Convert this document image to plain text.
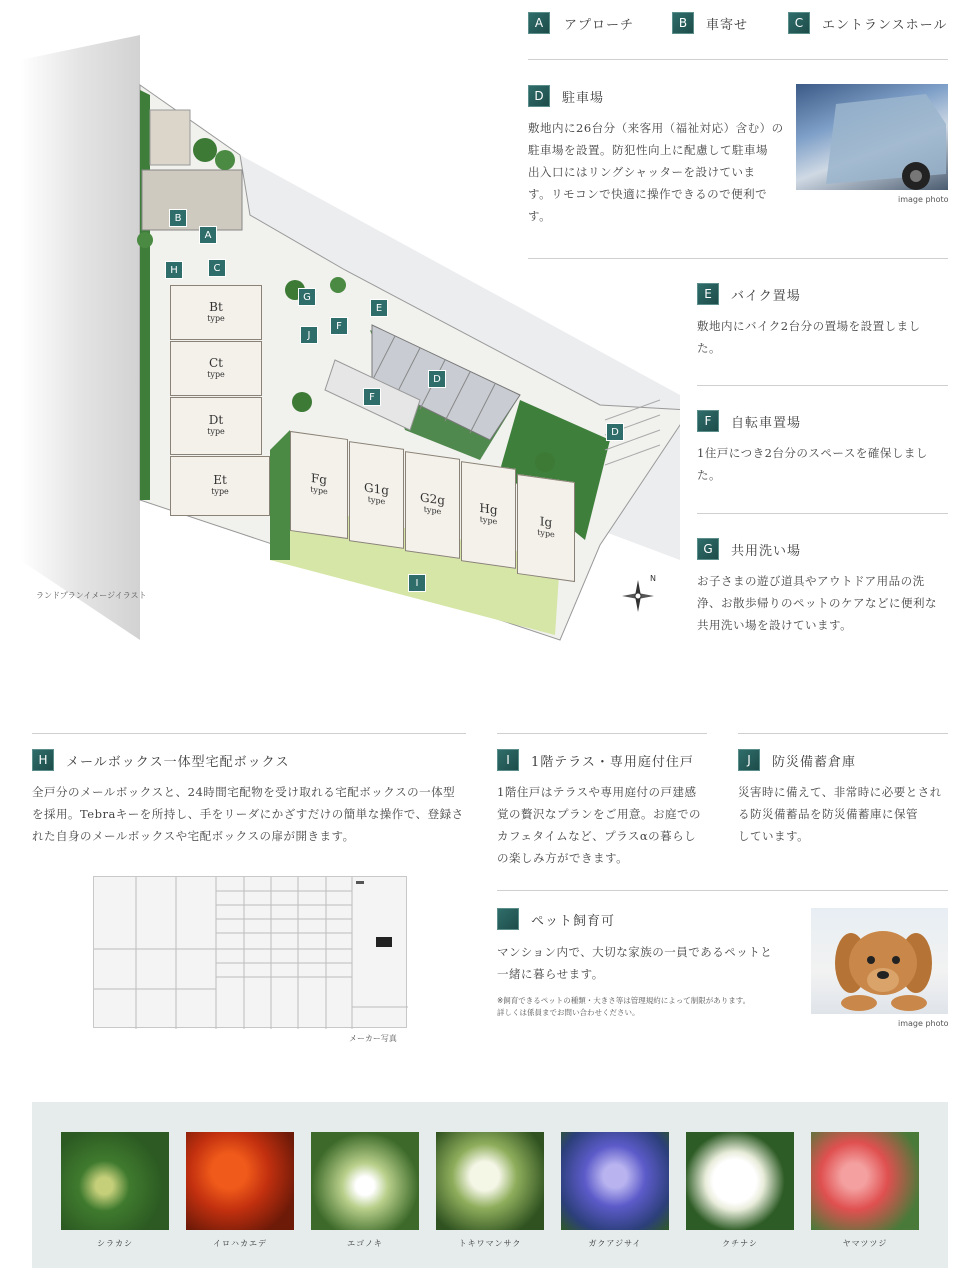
Bt
type
Ct
type
Dt
type
Et
type
Fg
type	G1g
type	G2g
type	Hg
type	Ig
type
A
B
C
D
D
E
F
F
G
H
I
J
N
ランドプランイメージイラスト
A	アプローチ	B	車寄せ	C	エントランスホール
D	駐車場
敷地内に26台分（来客用（福祉対応）含む）の
駐車場を設置。防犯性向上に配慮して駐車場
出入口にはリングシャッターを設けていま
す。リモコンで快適に操作できるので便利で
す。
image photo
E	バイク置場
敷地内にバイク2台分の置場を設置しまし
た。
F	自転車置場
1住戸につき2台分のスペースを確保しまし
た。
G	共用洗い場
お子さまの遊び道具やアウトドア用品の洗
浄、お散歩帰りのペットのケアなどに便利な
共用洗い場を設けています。
H	メールボックス一体型宅配ボックス
全戸分のメールボックスと、24時間宅配物を受け取れる宅配ボックスの一体型
を採用。Tebraキーを所持し、手をリーダにかざすだけの簡単な操作で、登録さ
れた自身のメールボックスや宅配ボックスの扉が開きます。
メーカー写真
I	1階テラス・専用庭付住戸
1階住戸はテラスや専用庭付の戸建感
覚の贅沢なプランをご用意。お庭での
カフェタイムなど、プラスαの暮らし
の楽しみ方ができます。
J	防災備蓄倉庫
災害時に備えて、非常時に必要とされ
る防災備蓄品を防災備蓄庫に保管
しています。
ペット飼育可
マンション内で、大切な家族の一員であるペットと
一緒に暮らせます。
※飼育できるペットの種類・大きさ等は管理規約によって制限があります。
詳しくは係員までお問い合わせください。
image photo
シラカシ	イロハカエデ	エゴノキ	トキワマンサク	ガクアジサイ	クチナシ	ヤマツツジ
